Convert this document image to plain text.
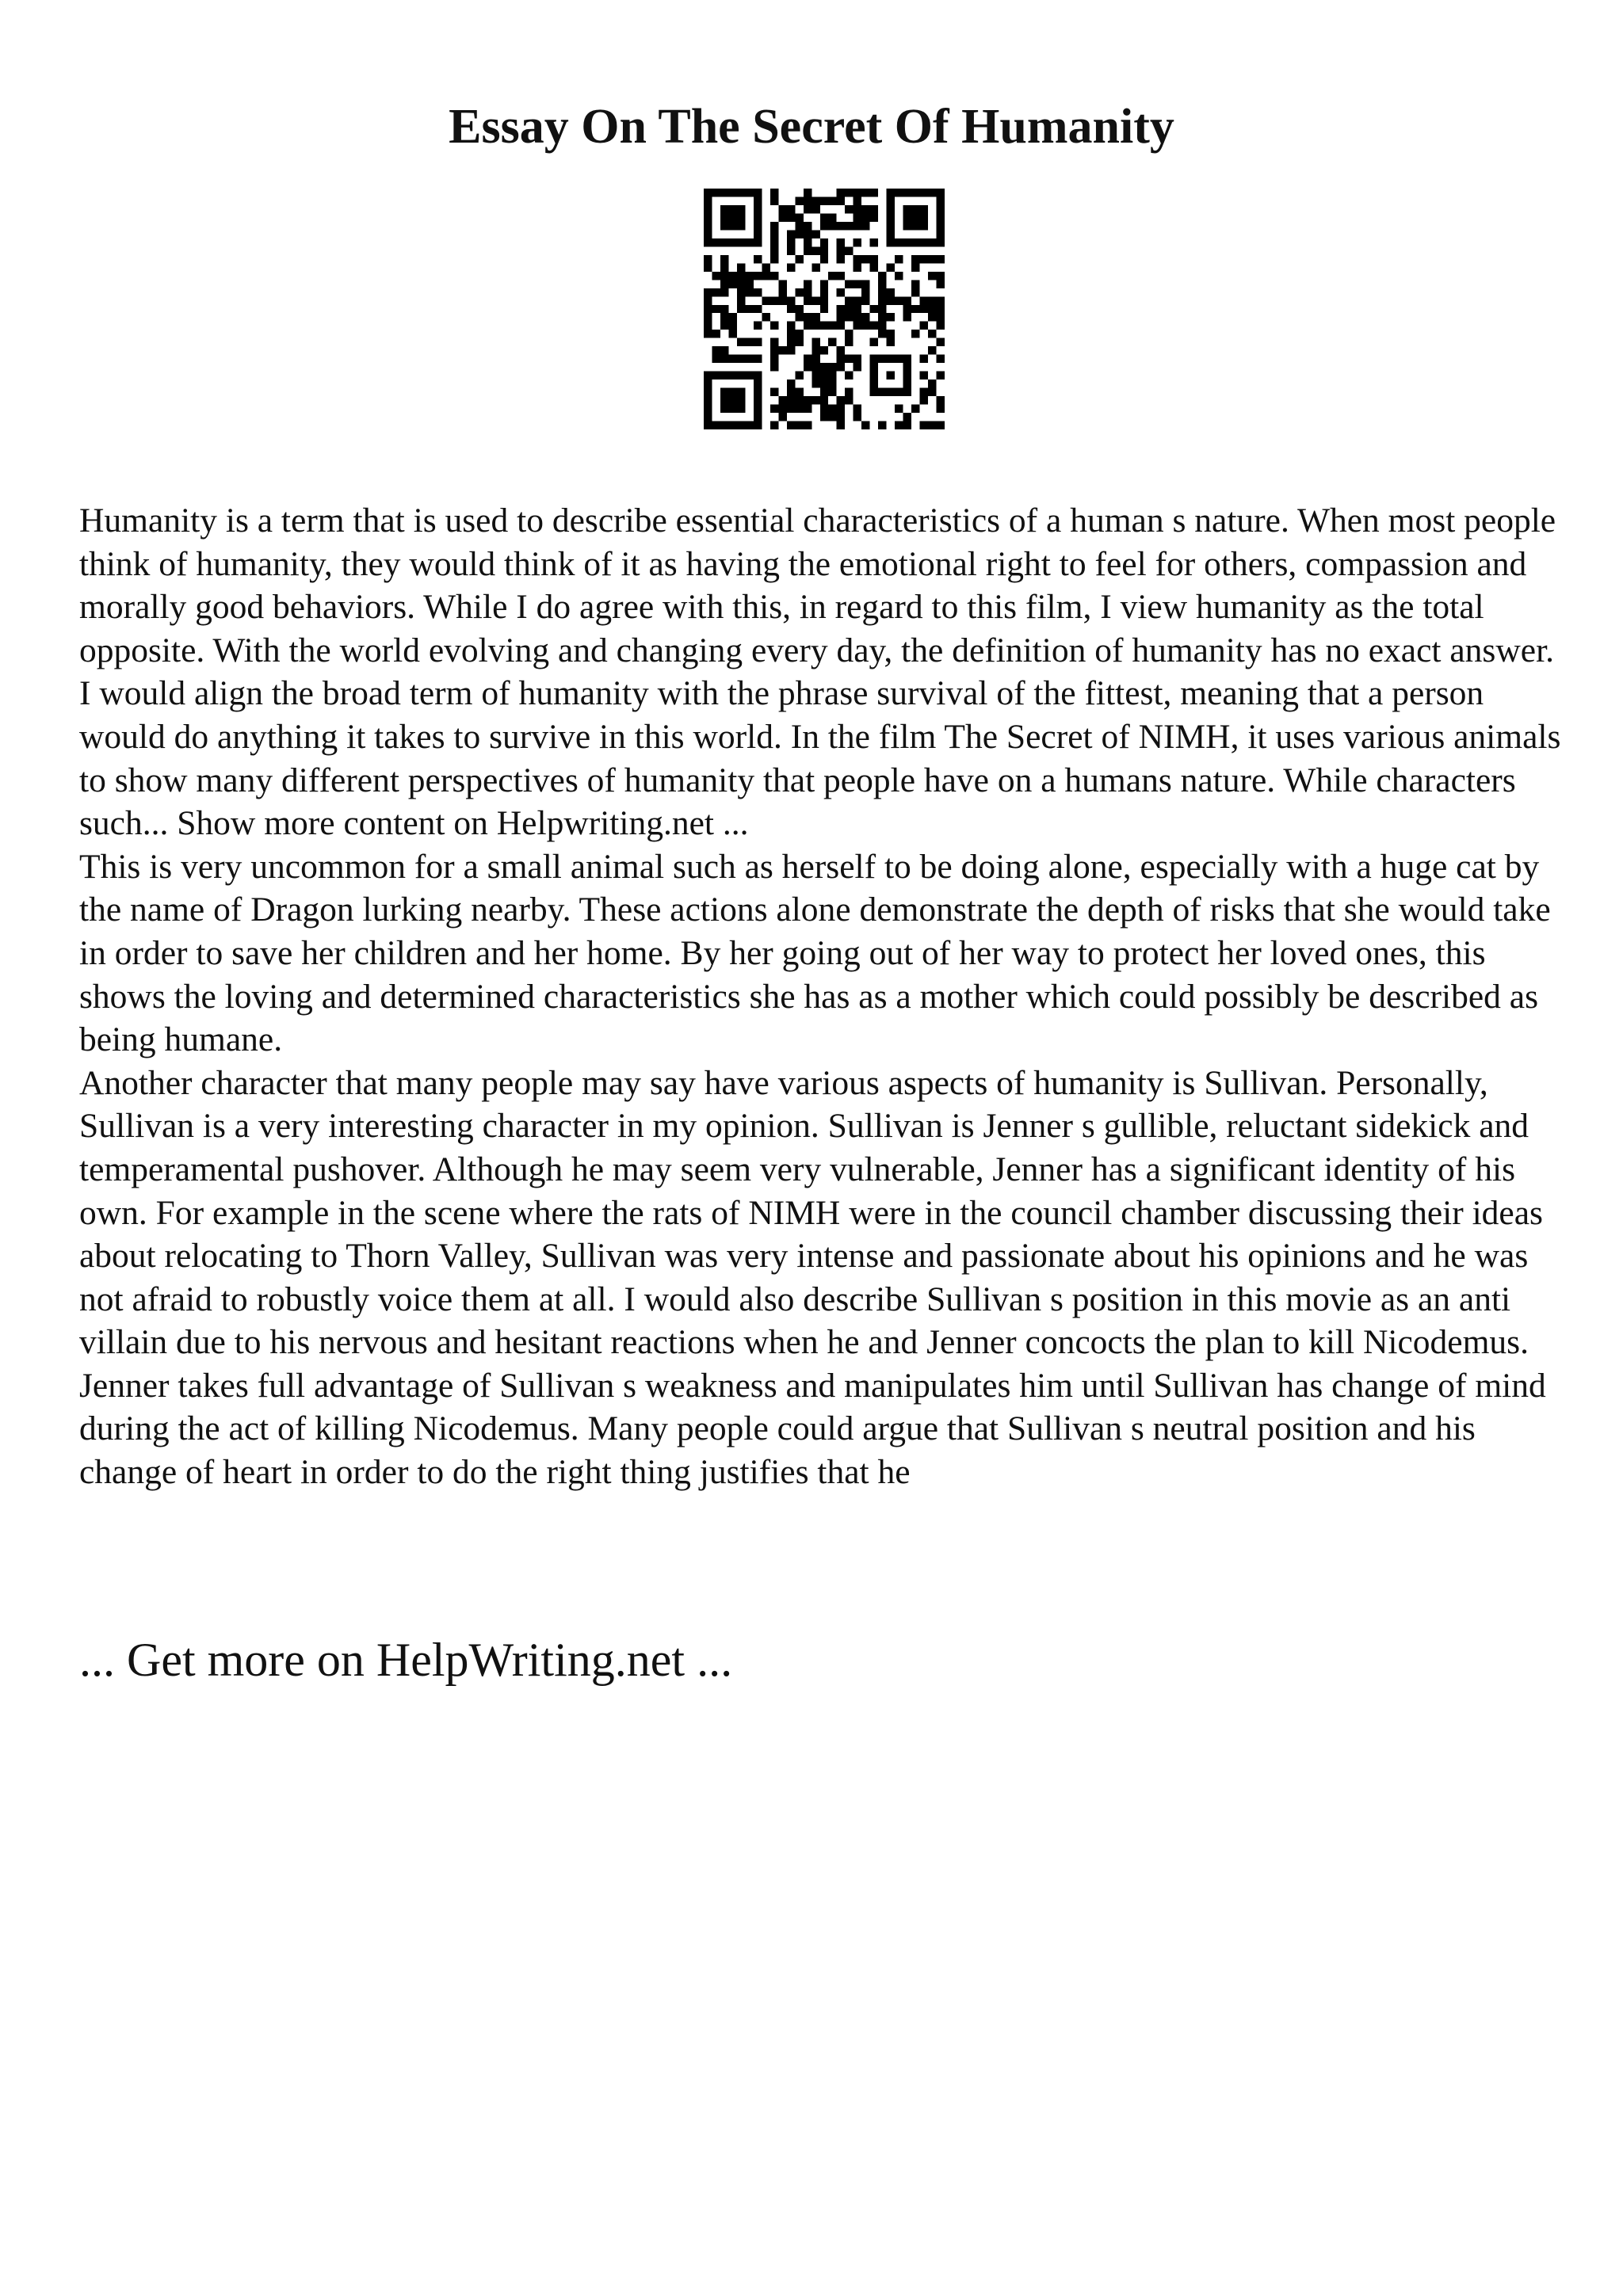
Essay On The Secret Of Humanity

Humanity is a term that is used to describe essential characteristics of a human s nature. When most people think of humanity, they would think of it as having the emotional right to feel for others, compassion and morally good behaviors. While I do agree with this, in regard to this film, I view humanity as the total opposite. With the world evolving and changing every day, the definition of humanity has no exact answer. I would align the broad term of humanity with the phrase survival of the fittest, meaning that a person would do anything it takes to survive in this world. In the film The Secret of NIMH, it uses various animals to show many different perspectives of humanity that people have on a humans nature. While characters such... Show more content on Helpwriting.net ...

This is very uncommon for a small animal such as herself to be doing alone, especially with a huge cat by the name of Dragon lurking nearby. These actions alone demonstrate the depth of risks that she would take in order to save her children and her home. By her going out of her way to protect her loved ones, this shows the loving and determined characteristics she has as a mother which could possibly be described as being humane.

Another character that many people may say have various aspects of humanity is Sullivan. Personally, Sullivan is a very interesting character in my opinion. Sullivan is Jenner s gullible, reluctant sidekick and temperamental pushover. Although he may seem very vulnerable, Jenner has a significant identity of his own. For example in the scene where the rats of NIMH were in the council chamber discussing their ideas about relocating to Thorn Valley, Sullivan was very intense and passionate about his opinions and he was not afraid to robustly voice them at all. I would also describe Sullivan s position in this movie as an anti villain due to his nervous and hesitant reactions when he and Jenner concocts the plan to kill Nicodemus. Jenner takes full advantage of Sullivan s weakness and manipulates him until Sullivan has change of mind during the act of killing Nicodemus. Many people could argue that Sullivan s neutral position and his change of heart in order to do the right thing justifies that he

... Get more on HelpWriting.net ...
